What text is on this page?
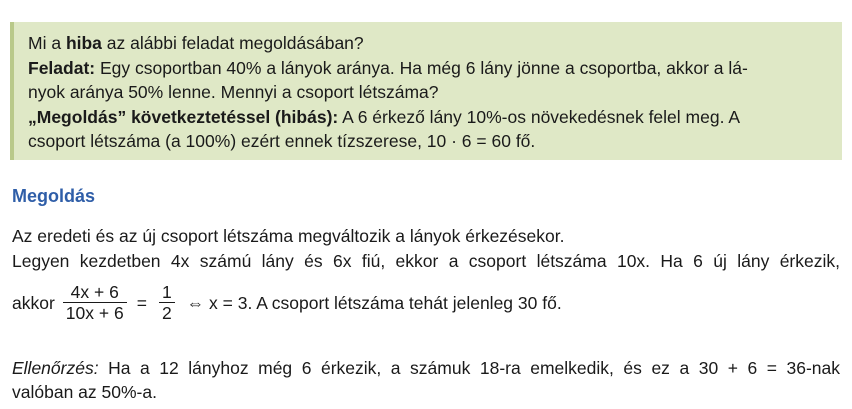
Mi a hiba az alábbi feladat megoldásában?

Feladat: Egy csoportban 40% a lányok aránya. Ha még 6 lány jönne a csoportba, akkor a lá-

nyok aránya 50% lenne. Mennyi a csoport létszáma?

„Megoldás” következtetéssel (hibás): A 6 érkező lány 10%-os növekedésnek felel meg. A

csoport létszáma (a 100%) ezért ennek tízszerese, 10 · 6 = 60 fő.

Megoldás
Az eredeti és az új csoport létszáma megváltozik a lányok érkezésekor.
Legyen kezdetben 4x számú lány és 6x fiú, ekkor a csoport létszáma 10x. Ha 6 új lány érkezik,
akkor $\frac{4x + 6}{10x + 6} = \frac{1}{2}$ ⇔ x = 3. A csoport létszáma tehát jelenleg 30 fő.
Ellenőrzés: Ha a 12 lányhoz még 6 érkezik, a számuk 18-ra emelkedik, és ez a 30 + 6 = 36-nak
valóban az 50%-a.
